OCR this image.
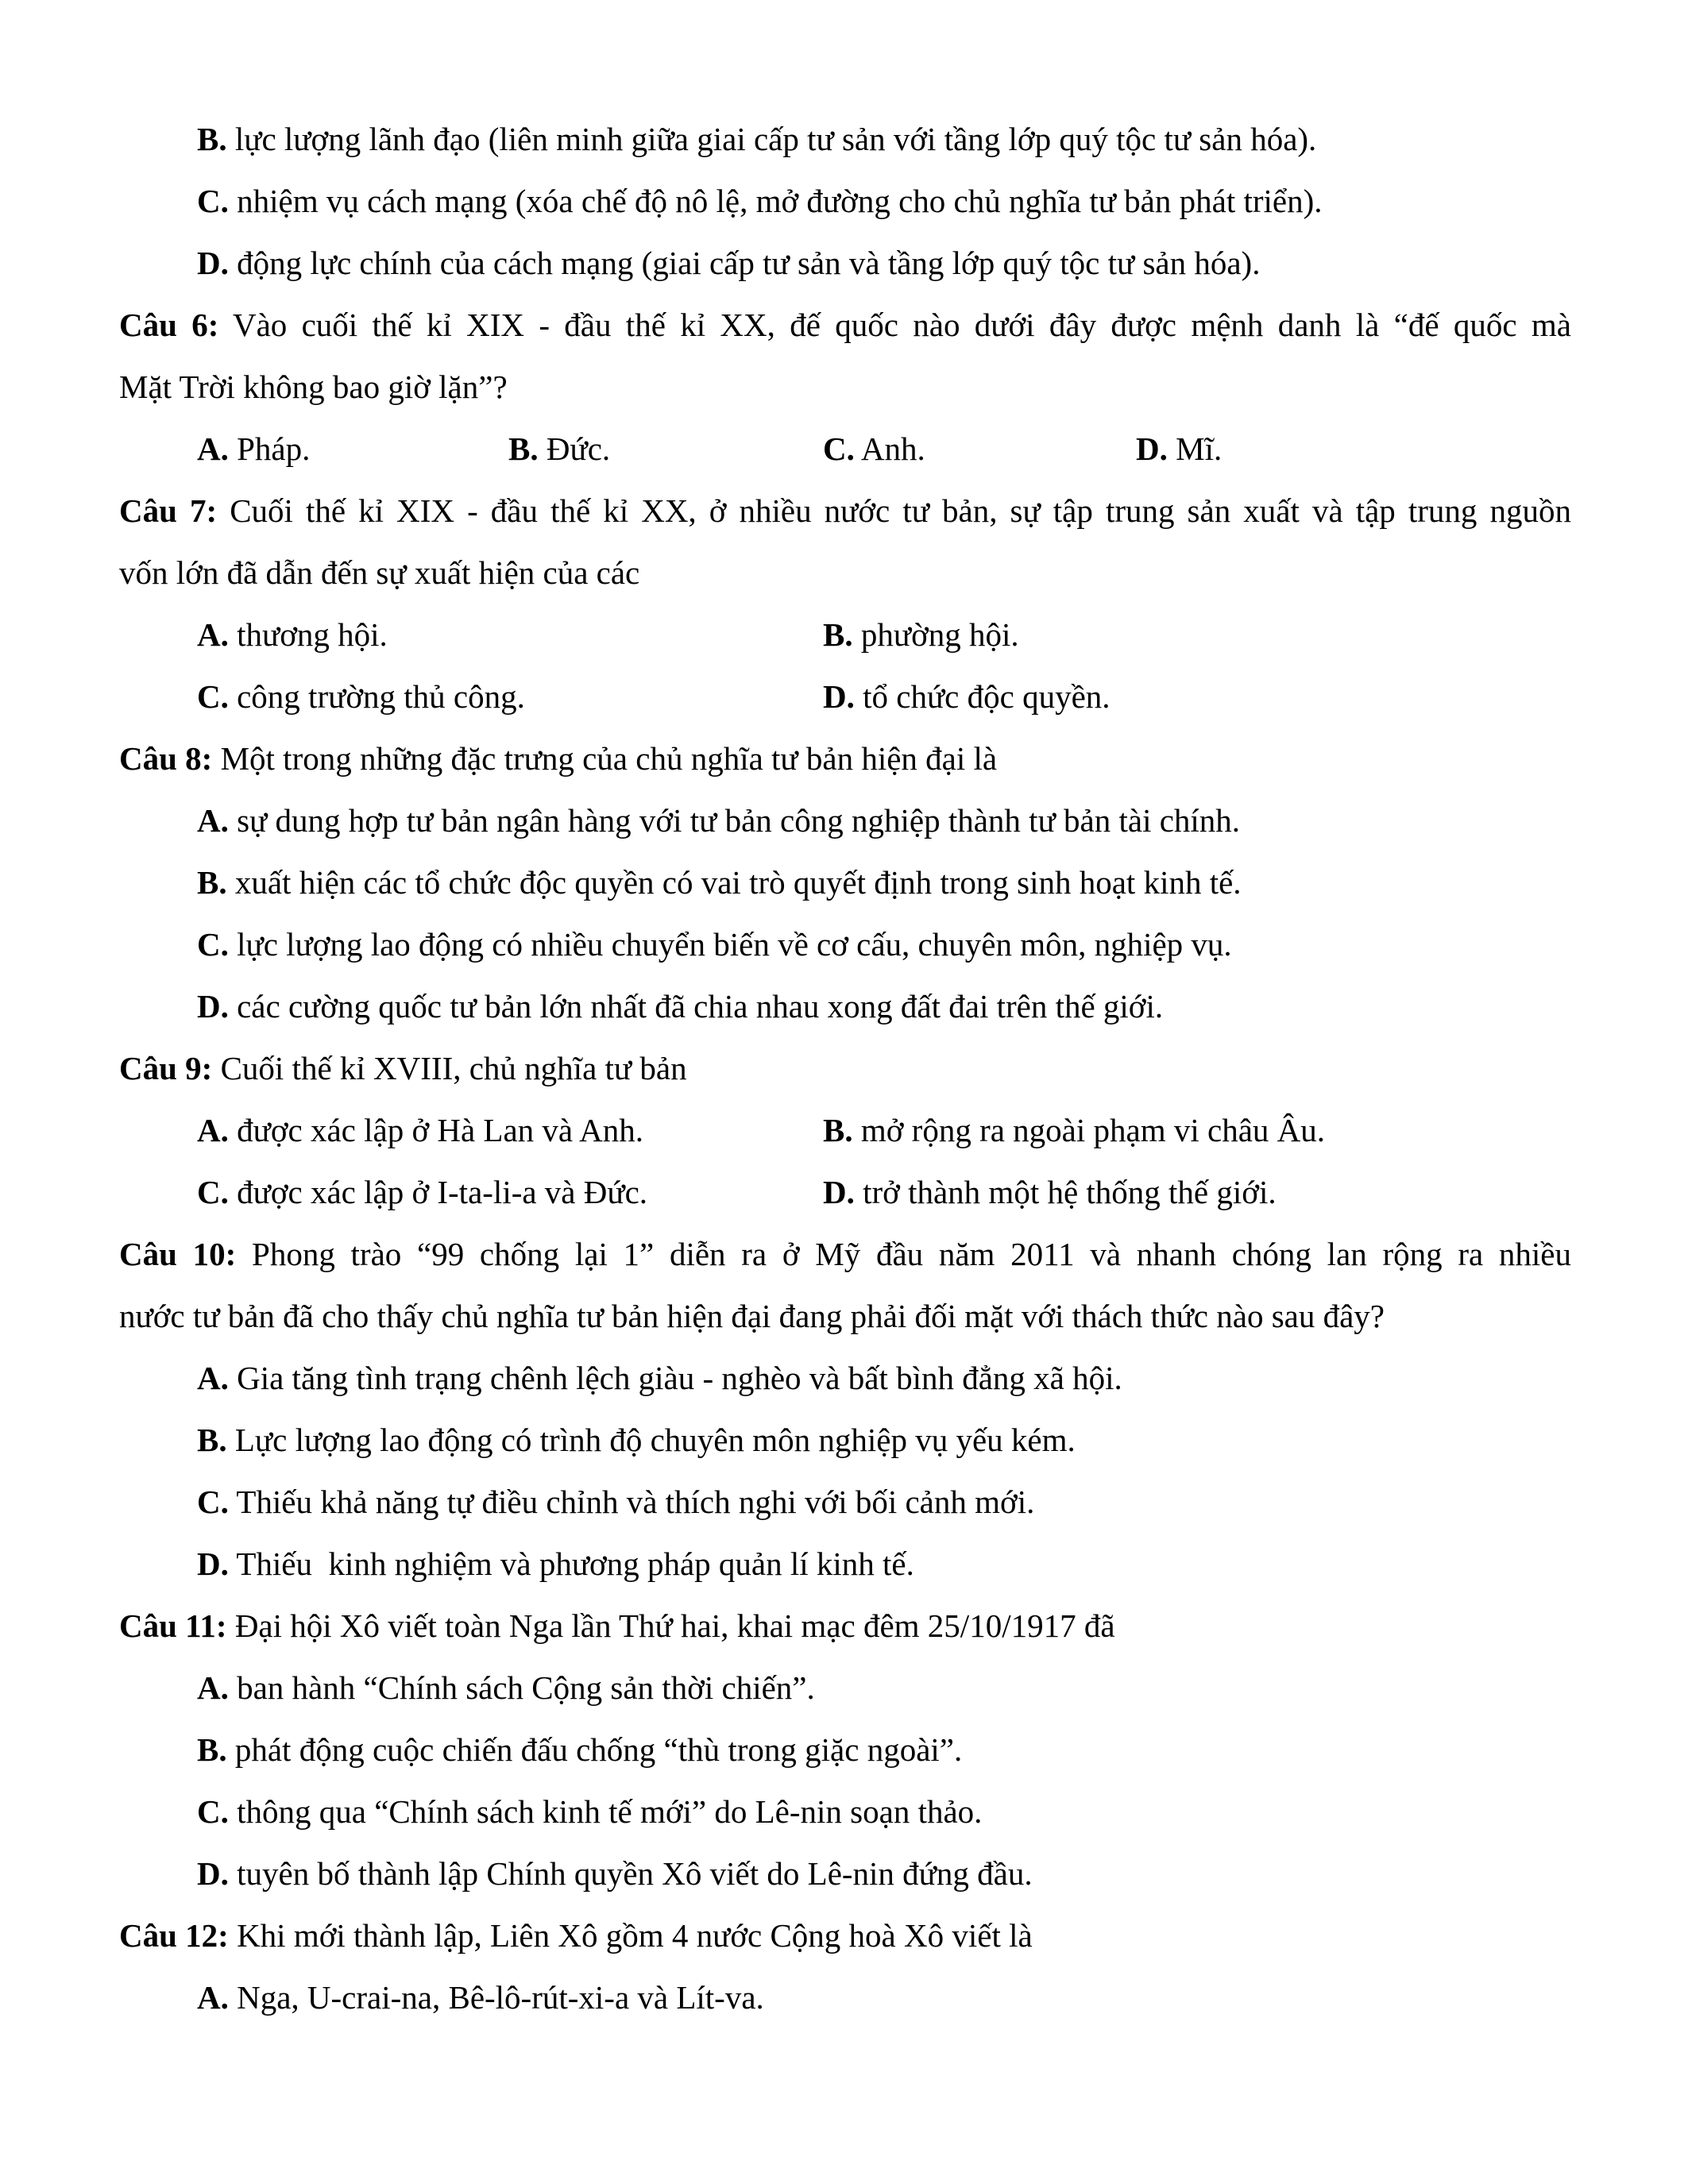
B. lực lượng lãnh đạo (liên minh giữa giai cấp tư sản với tầng lớp quý tộc tư sản hóa).
C. nhiệm vụ cách mạng (xóa chế độ nô lệ, mở đường cho chủ nghĩa tư bản phát triển).
D. động lực chính của cách mạng (giai cấp tư sản và tầng lớp quý tộc tư sản hóa).
Câu 6: Vào cuối thế kỉ XIX - đầu thế kỉ XX, đế quốc nào dưới đây được mệnh danh là “đế quốc mà
Mặt Trời không bao giờ lặn”?
A. Pháp.	B. Đức.	C. Anh.	D. Mĩ.
Câu 7: Cuối thế kỉ XIX - đầu thế kỉ XX, ở nhiều nước tư bản, sự tập trung sản xuất và tập trung nguồn
vốn lớn đã dẫn đến sự xuất hiện của các
A. thương hội.	B. phường hội.
C. công trường thủ công.	D. tổ chức độc quyền.
Câu 8: Một trong những đặc trưng của chủ nghĩa tư bản hiện đại là
A. sự dung hợp tư bản ngân hàng với tư bản công nghiệp thành tư bản tài chính.
B. xuất hiện các tổ chức độc quyền có vai trò quyết định trong sinh hoạt kinh tế.
C. lực lượng lao động có nhiều chuyển biến về cơ cấu, chuyên môn, nghiệp vụ.
D. các cường quốc tư bản lớn nhất đã chia nhau xong đất đai trên thế giới.
Câu 9: Cuối thế kỉ XVIII, chủ nghĩa tư bản
A. được xác lập ở Hà Lan và Anh.	B. mở rộng ra ngoài phạm vi châu Âu.
C. được xác lập ở I-ta-li-a và Đức.	D. trở thành một hệ thống thế giới.
Câu 10: Phong trào “99 chống lại 1” diễn ra ở Mỹ đầu năm 2011 và nhanh chóng lan rộng ra nhiều
nước tư bản đã cho thấy chủ nghĩa tư bản hiện đại đang phải đối mặt với thách thức nào sau đây?
A. Gia tăng tình trạng chênh lệch giàu - nghèo và bất bình đẳng xã hội.
B. Lực lượng lao động có trình độ chuyên môn nghiệp vụ yếu kém.
C. Thiếu khả năng tự điều chỉnh và thích nghi với bối cảnh mới.
D. Thiếu  kinh nghiệm và phương pháp quản lí kinh tế.
Câu 11: Đại hội Xô viết toàn Nga lần Thứ hai, khai mạc đêm 25/10/1917 đã
A. ban hành “Chính sách Cộng sản thời chiến”.
B. phát động cuộc chiến đấu chống “thù trong giặc ngoài”.
C. thông qua “Chính sách kinh tế mới” do Lê-nin soạn thảo.
D. tuyên bố thành lập Chính quyền Xô viết do Lê-nin đứng đầu.
Câu 12: Khi mới thành lập, Liên Xô gồm 4 nước Cộng hoà Xô viết là
A. Nga, U-crai-na, Bê-lô-rút-xi-a và Lít-va.
